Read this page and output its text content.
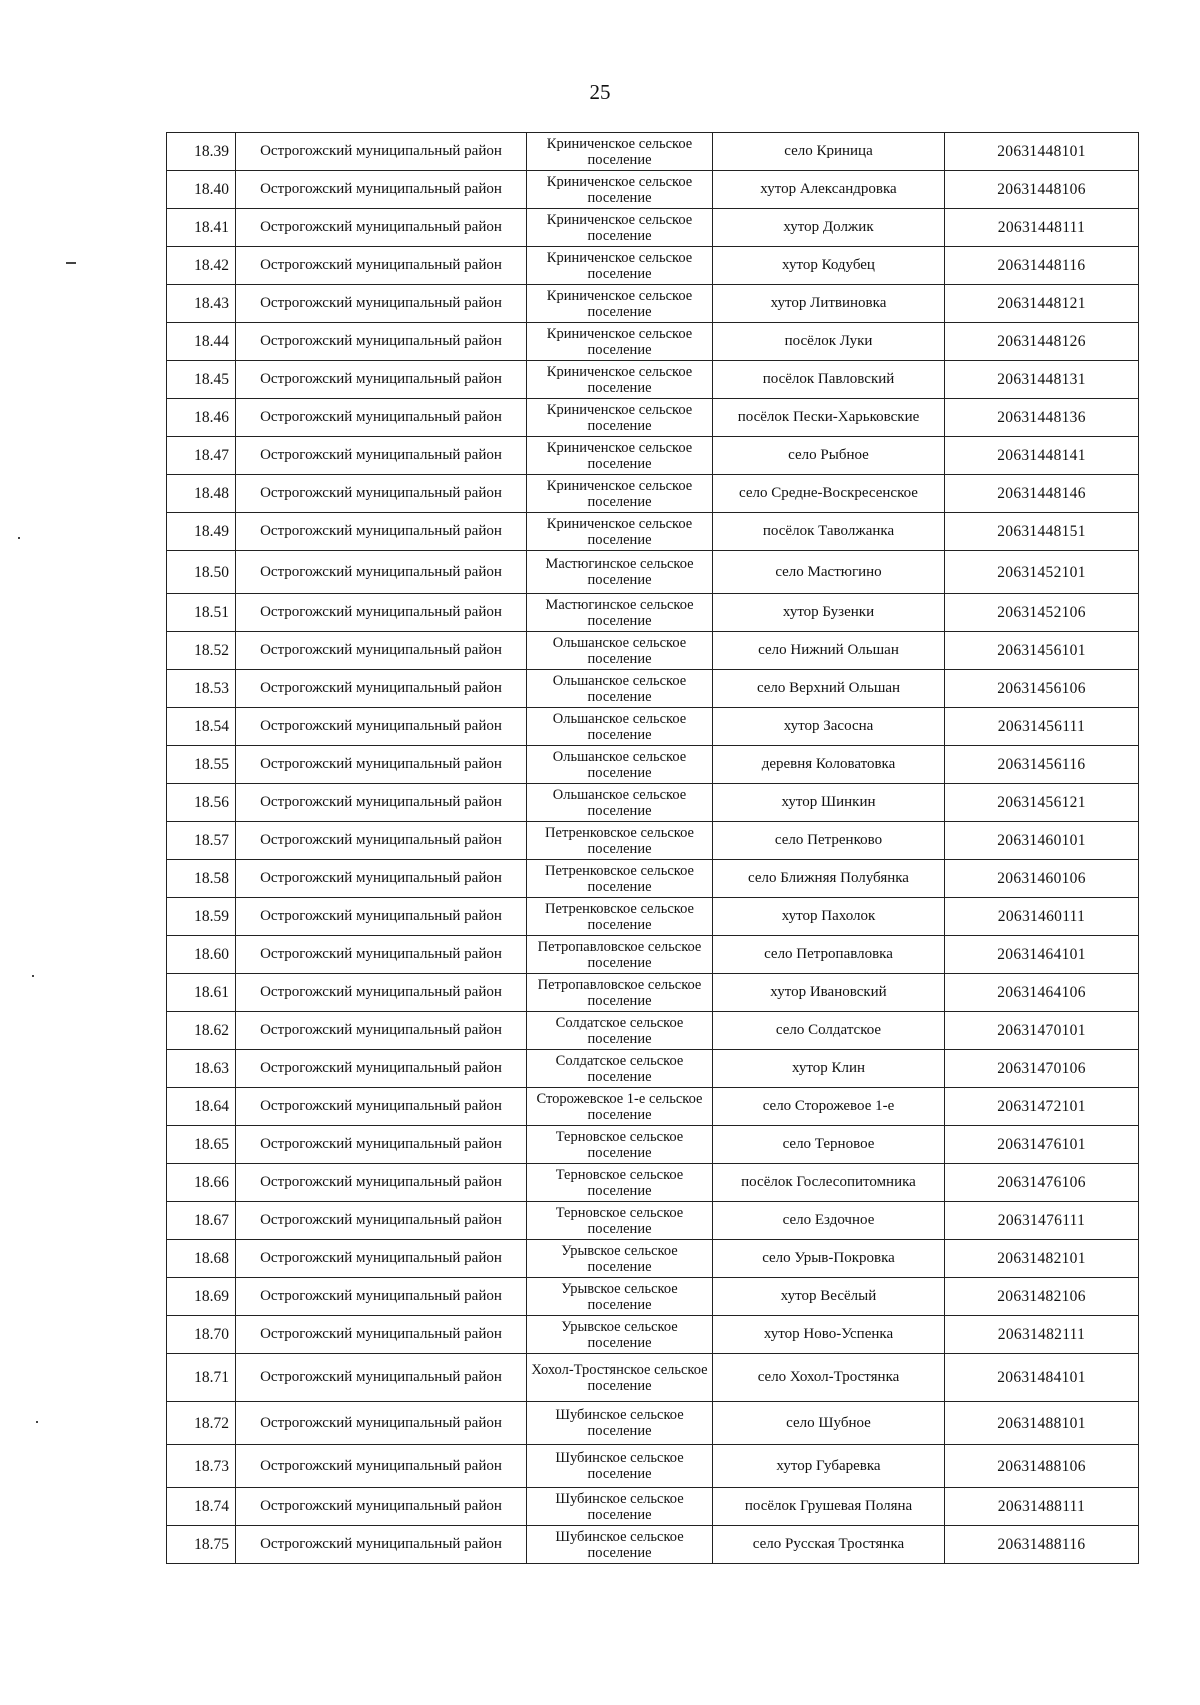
25
18.39	Острогожский муниципальный район	Криниченское сельское поселение	село Криница	20631448101
18.40	Острогожский муниципальный район	Криниченское сельское поселение	хутор Александровка	20631448106
18.41	Острогожский муниципальный район	Криниченское сельское поселение	хутор Должик	20631448111
18.42	Острогожский муниципальный район	Криниченское сельское поселение	хутор Кодубец	20631448116
18.43	Острогожский муниципальный район	Криниченское сельское поселение	хутор Литвиновка	20631448121
18.44	Острогожский муниципальный район	Криниченское сельское поселение	посёлок Луки	20631448126
18.45	Острогожский муниципальный район	Криниченское сельское поселение	посёлок Павловский	20631448131
18.46	Острогожский муниципальный район	Криниченское сельское поселение	посёлок Пески-Харьковские	20631448136
18.47	Острогожский муниципальный район	Криниченское сельское поселение	село Рыбное	20631448141
18.48	Острогожский муниципальный район	Криниченское сельское поселение	село Средне-Воскресенское	20631448146
18.49	Острогожский муниципальный район	Криниченское сельское поселение	посёлок Таволжанка	20631448151
18.50	Острогожский муниципальный район	Мастюгинское сельское поселение	село Мастюгино	20631452101
18.51	Острогожский муниципальный район	Мастюгинское сельское поселение	хутор Бузенки	20631452106
18.52	Острогожский муниципальный район	Ольшанское сельское поселение	село Нижний Ольшан	20631456101
18.53	Острогожский муниципальный район	Ольшанское сельское поселение	село Верхний Ольшан	20631456106
18.54	Острогожский муниципальный район	Ольшанское сельское поселение	хутор Засосна	20631456111
18.55	Острогожский муниципальный район	Ольшанское сельское поселение	деревня Коловатовка	20631456116
18.56	Острогожский муниципальный район	Ольшанское сельское поселение	хутор Шинкин	20631456121
18.57	Острогожский муниципальный район	Петренковское сельское поселение	село Петренково	20631460101
18.58	Острогожский муниципальный район	Петренковское сельское поселение	село Ближняя Полубянка	20631460106
18.59	Острогожский муниципальный район	Петренковское сельское поселение	хутор Пахолок	20631460111
18.60	Острогожский муниципальный район	Петропавловское сельское поселение	село Петропавловка	20631464101
18.61	Острогожский муниципальный район	Петропавловское сельское поселение	хутор Ивановский	20631464106
18.62	Острогожский муниципальный район	Солдатское сельское поселение	село Солдатское	20631470101
18.63	Острогожский муниципальный район	Солдатское сельское поселение	хутор Клин	20631470106
18.64	Острогожский муниципальный район	Сторожевское 1-е сельское поселение	село Сторожевое 1-е	20631472101
18.65	Острогожский муниципальный район	Терновское сельское поселение	село Терновое	20631476101
18.66	Острогожский муниципальный район	Терновское сельское поселение	посёлок Гослесопитомника	20631476106
18.67	Острогожский муниципальный район	Терновское сельское поселение	село Ездочное	20631476111
18.68	Острогожский муниципальный район	Урывское сельское поселение	село Урыв-Покровка	20631482101
18.69	Острогожский муниципальный район	Урывское сельское поселение	хутор Весёлый	20631482106
18.70	Острогожский муниципальный район	Урывское сельское поселение	хутор Ново-Успенка	20631482111
18.71	Острогожский муниципальный район	Хохол-Тростянское сельское поселение	село Хохол-Тростянка	20631484101
18.72	Острогожский муниципальный район	Шубинское сельское поселение	село Шубное	20631488101
18.73	Острогожский муниципальный район	Шубинское сельское поселение	хутор Губаревка	20631488106
18.74	Острогожский муниципальный район	Шубинское сельское поселение	посёлок Грушевая Поляна	20631488111
18.75	Острогожский муниципальный район	Шубинское сельское поселение	село Русская Тростянка	20631488116
